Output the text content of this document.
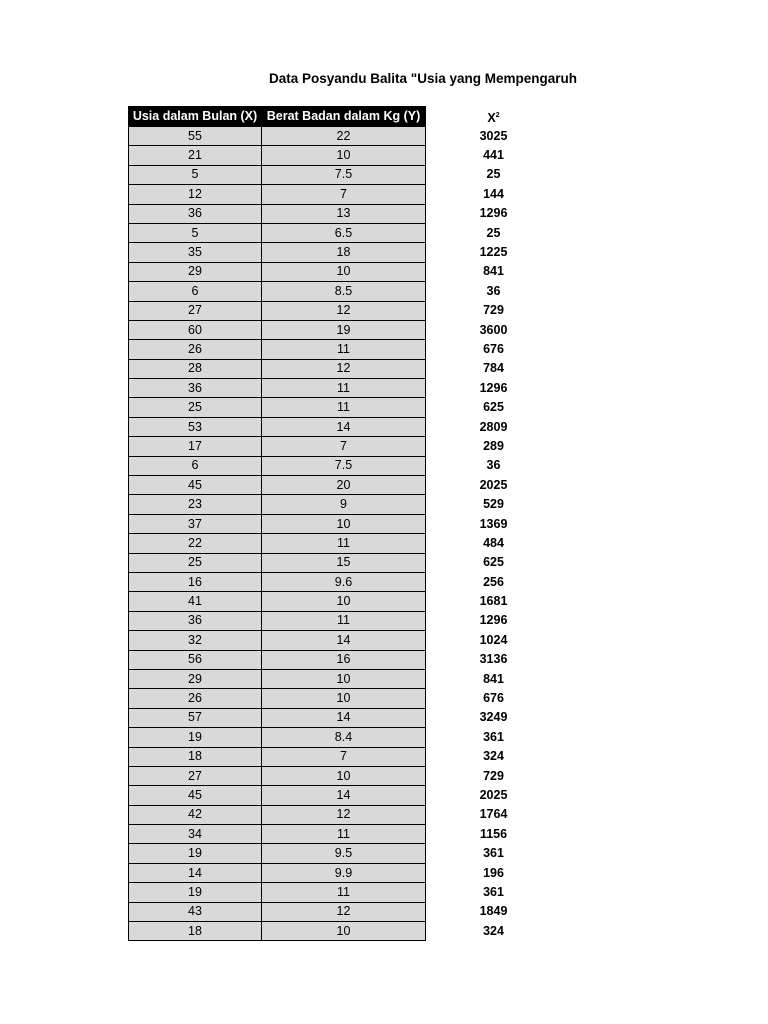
Data Posyandu Balita "Usia yang Mempengaruh
Usia dalam Bulan (X)	Berat Badan dalam Kg (Y)		$X^2$
55	22		3025
21	10		441
5	7.5		25
12	7		144
36	13		1296
5	6.5		25
35	18		1225
29	10		841
6	8.5		36
27	12		729
60	19		3600
26	11		676
28	12		784
36	11		1296
25	11		625
53	14		2809
17	7		289
6	7.5		36
45	20		2025
23	9		529
37	10		1369
22	11		484
25	15		625
16	9.6		256
41	10		1681
36	11		1296
32	14		1024
56	16		3136
29	10		841
26	10		676
57	14		3249
19	8.4		361
18	7		324
27	10		729
45	14		2025
42	12		1764
34	11		1156
19	9.5		361
14	9.9		196
19	11		361
43	12		1849
18	10		324
